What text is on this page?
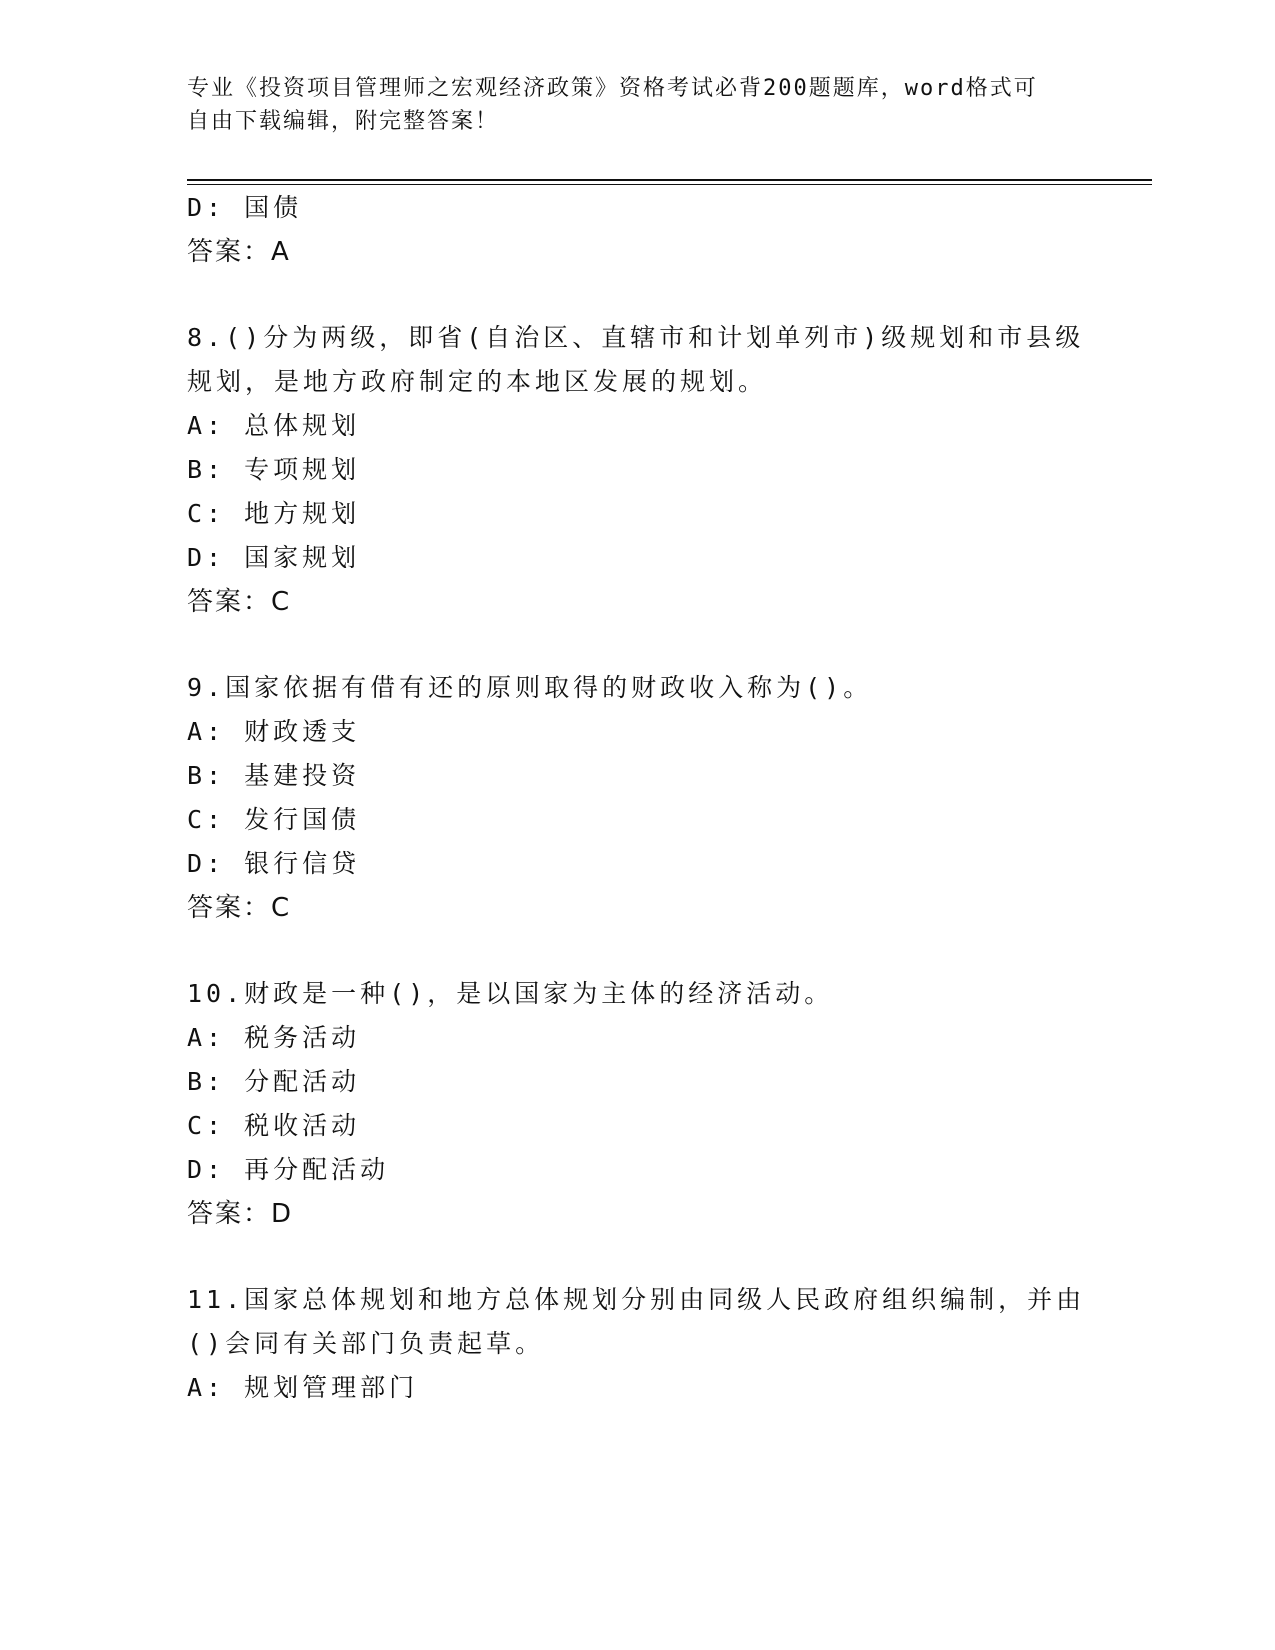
专业《投资项目管理师之宏观经济政策》资格考试必背200题题库，word格式可
自由下载编辑，附完整答案！
D: 国债
答案：A
8.()分为两级，即省(自治区、直辖市和计划单列市)级规划和市县级
规划，是地方政府制定的本地区发展的规划。
A: 总体规划
B: 专项规划
C: 地方规划
D: 国家规划
答案：C
9.国家依据有借有还的原则取得的财政收入称为()。
A: 财政透支
B: 基建投资
C: 发行国债
D: 银行信贷
答案：C
10.财政是一种()，是以国家为主体的经济活动。
A: 税务活动
B: 分配活动
C: 税收活动
D: 再分配活动
答案：D
11.国家总体规划和地方总体规划分别由同级人民政府组织编制，并由
()会同有关部门负责起草。
A: 规划管理部门
